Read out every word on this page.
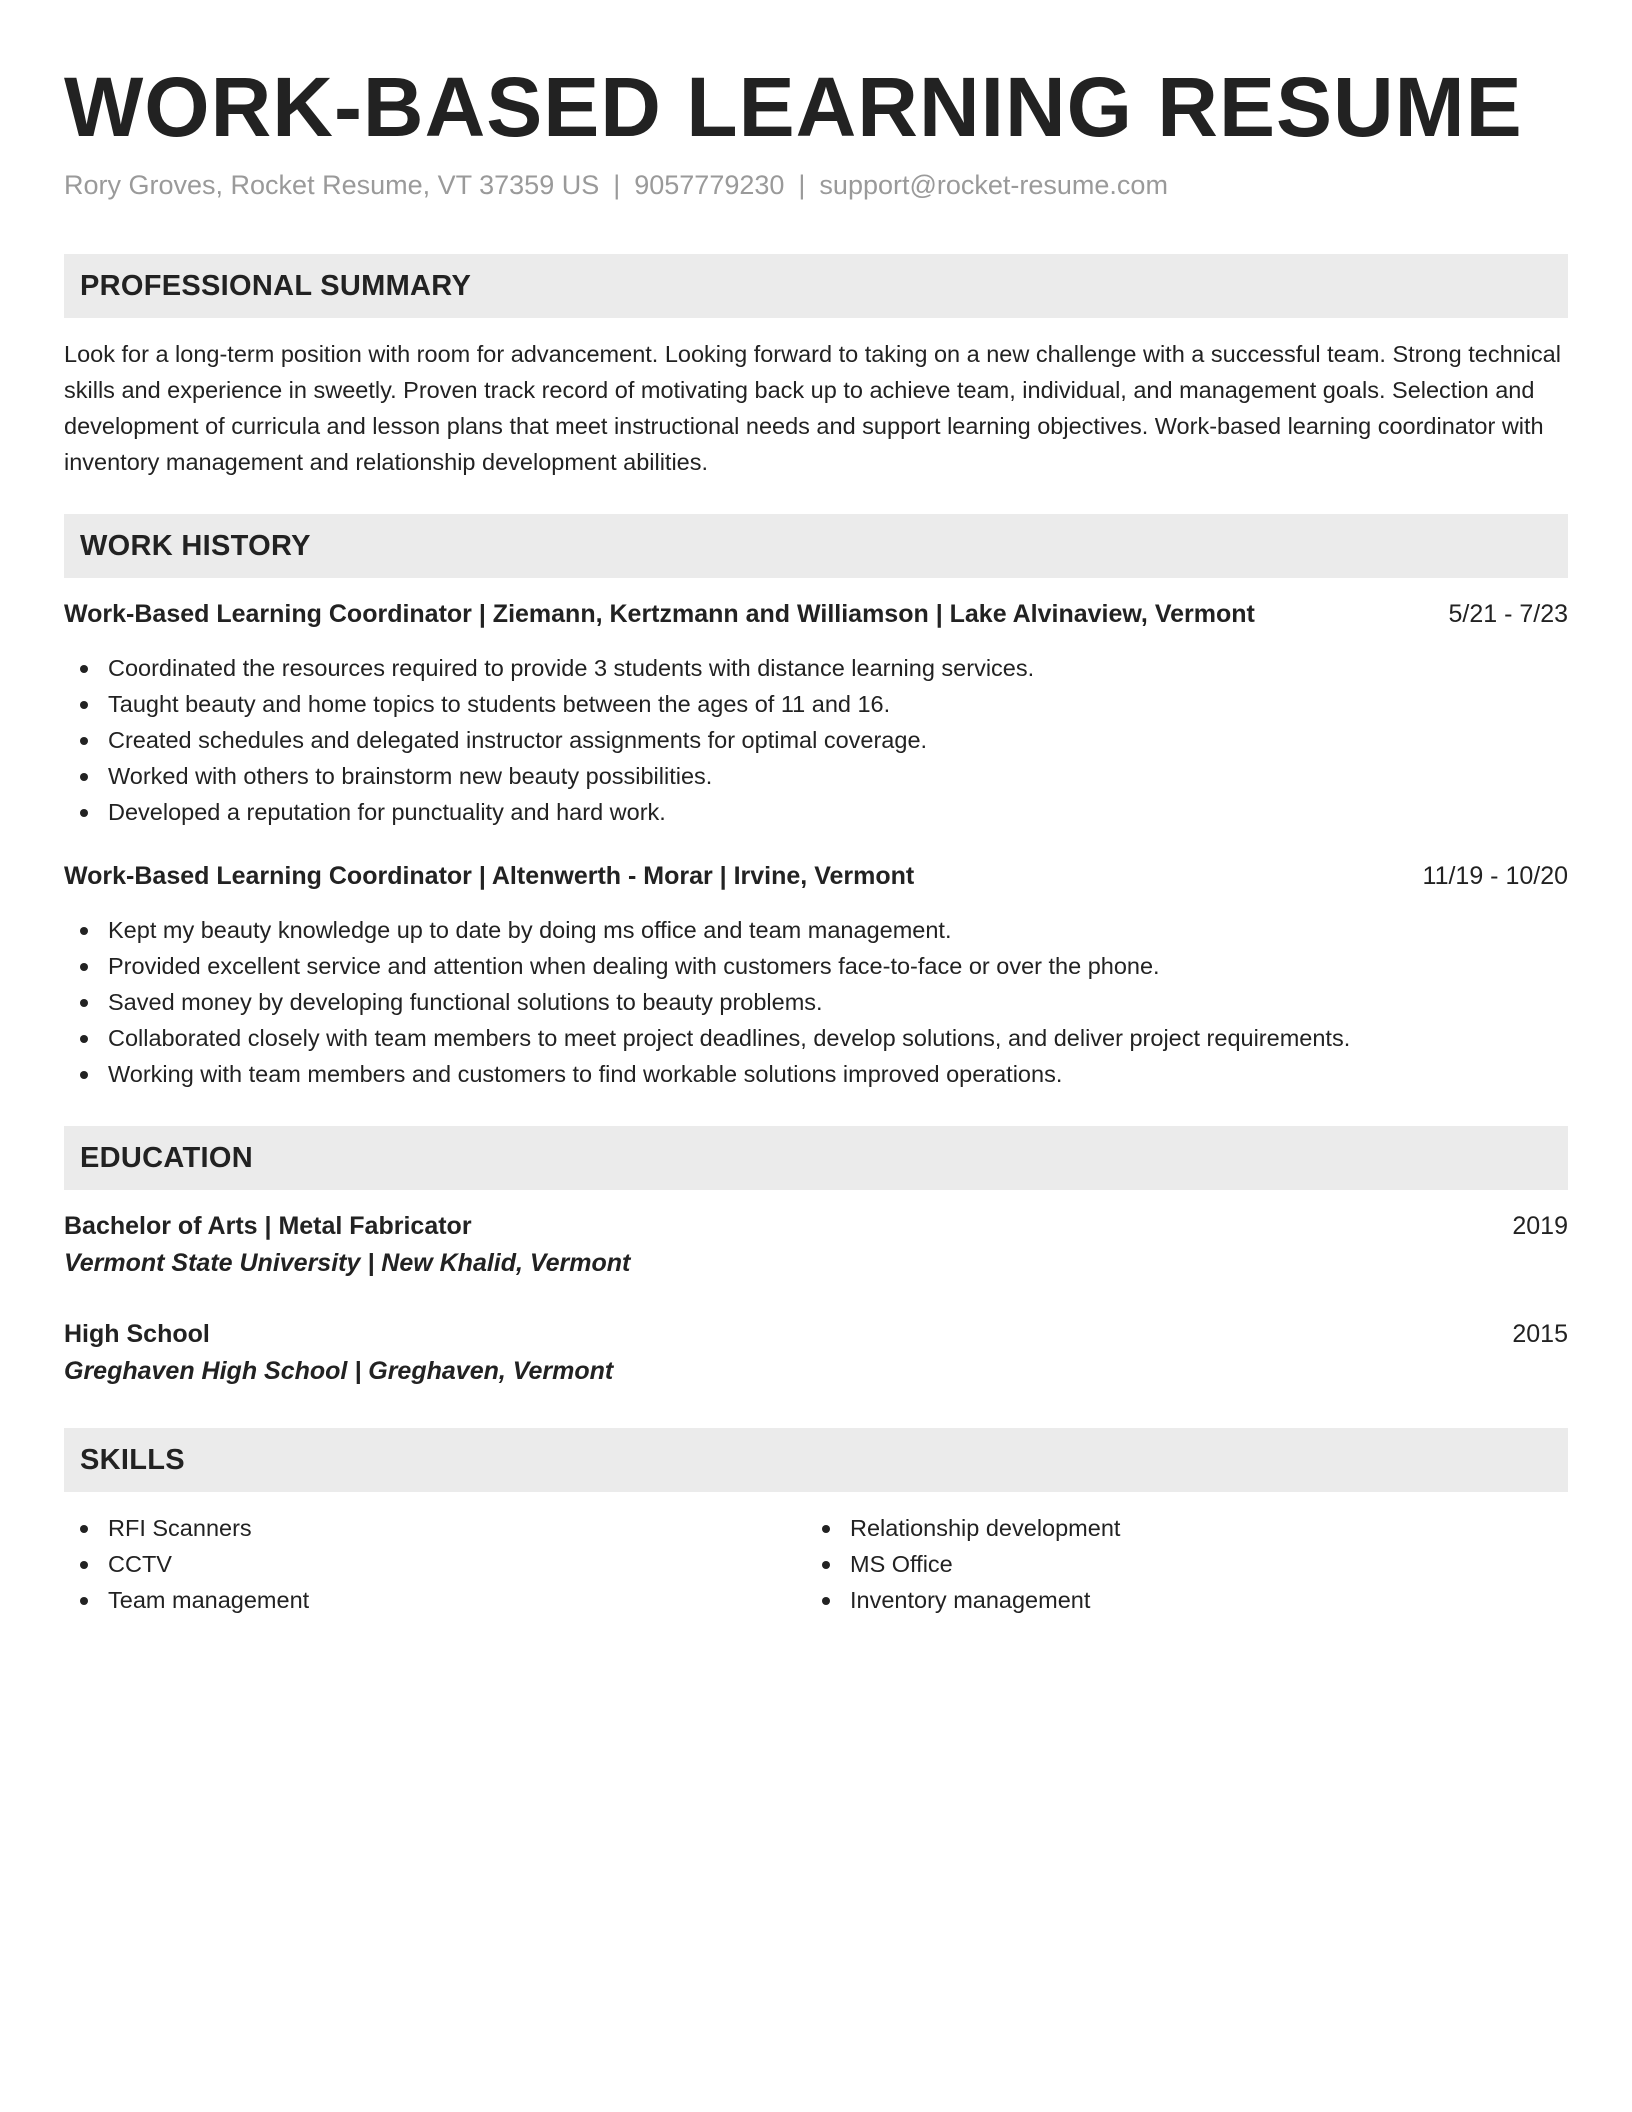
WORK-BASED LEARNING RESUME
Rory Groves, Rocket Resume, VT 37359 US | 9057779230 | support@rocket-resume.com
PROFESSIONAL SUMMARY

Look for a long-term position with room for advancement. Looking forward to taking on a new challenge with a successful team. Strong technical skills and experience in sweetly. Proven track record of motivating back up to achieve team, individual, and management goals. Selection and development of curricula and lesson plans that meet instructional needs and support learning objectives. Work-based learning coordinator with inventory management and relationship development abilities.

WORK HISTORY
Work-Based Learning Coordinator | Ziemann, Kertzmann and Williamson | Lake Alvinaview, Vermont	5/21 - 7/23
Coordinated the resources required to provide 3 students with distance learning services.
Taught beauty and home topics to students between the ages of 11 and 16.
Created schedules and delegated instructor assignments for optimal coverage.
Worked with others to brainstorm new beauty possibilities.
Developed a reputation for punctuality and hard work.
Work-Based Learning Coordinator | Altenwerth - Morar | Irvine, Vermont	11/19 - 10/20
Kept my beauty knowledge up to date by doing ms office and team management.
Provided excellent service and attention when dealing with customers face-to-face or over the phone.
Saved money by developing functional solutions to beauty problems.
Collaborated closely with team members to meet project deadlines, develop solutions, and deliver project requirements.
Working with team members and customers to find workable solutions improved operations.
EDUCATION
Bachelor of Arts | Metal Fabricator	2019
Vermont State University | New Khalid, Vermont
High School	2015
Greghaven High School | Greghaven, Vermont
SKILLS
RFI Scanners
CCTV
Team management
Relationship development
MS Office
Inventory management
